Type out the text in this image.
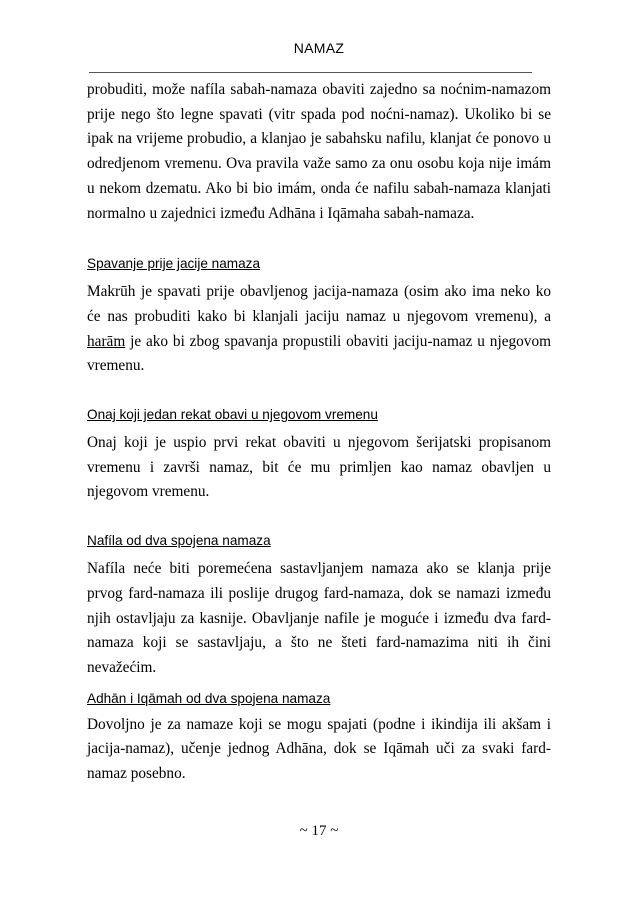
NAMAZ

probuditi, može nafíla sabah-namaza obaviti zajedno sa noćnim-namazom prije nego što legne spavati (vitr spada pod noćni-namaz). Ukoliko bi se ipak na vrijeme probudio, a klanjao je sabahsku nafilu, klanjat će ponovo u odredjenom vremenu. Ova pravila važe samo za onu osobu koja nije imám u nekom dzematu. Ako bi bio imám, onda će nafilu sabah-namaza klanjati normalno u zajednici između Adhāna i Iqāmaha sabah-namaza.

Spavanje prije jacije namaza

Makrūh je spavati prije obavljenog jacija-namaza (osim ako ima neko ko će nas probuditi kako bi klanjali jaciju namaz u njegovom vremenu), a harām je ako bi zbog spavanja propustili obaviti jaciju-namaz u njegovom vremenu.

Onaj koji jedan rekat obavi u njegovom vremenu

Onaj koji je uspio prvi rekat obaviti u njegovom šerijatski propisanom vremenu i završi namaz, bit će mu primljen kao namaz obavljen u njegovom vremenu.

Nafíla od dva spojena namaza

Nafíla neće biti poremećena sastavljanjem namaza ako se klanja prije prvog fard-namaza ili poslije drugog fard-namaza, dok se namazi između njih ostavljaju za kasnije. Obavljanje nafile je moguće i između dva fard-namaza koji se sastavljaju, a što ne šteti fard-namazima niti ih čini nevažećim.

Adhān i Iqāmah od dva spojena namaza

Dovoljno je za namaze koji se mogu spajati (podne i ikindija ili akšam i jacija-namaz), učenje jednog Adhāna, dok se Iqāmah uči za svaki fard-namaz posebno.

~ 17 ~
